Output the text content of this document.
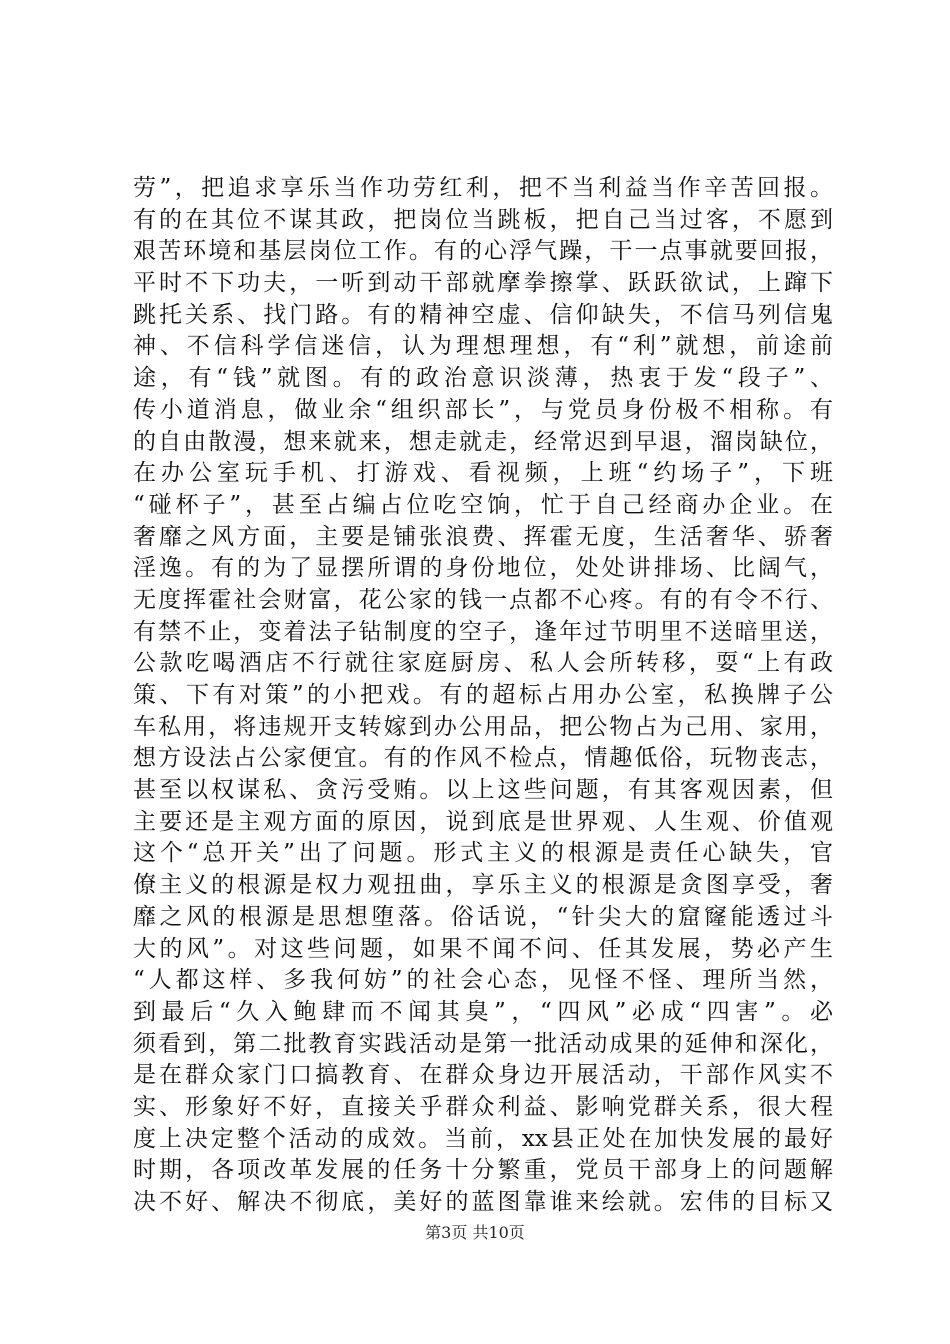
劳”，把追求享乐当作功劳红利，把不当利益当作辛苦回报。
有的在其位不谋其政，把岗位当跳板，把自己当过客，不愿到
艰苦环境和基层岗位工作。有的心浮气躁，干一点事就要回报，
平时不下功夫，一听到动干部就摩拳擦掌、跃跃欲试，上蹿下
跳托关系、找门路。有的精神空虚、信仰缺失，不信马列信鬼
神、不信科学信迷信，认为理想理想，有“利”就想，前途前
途，有“钱”就图。有的政治意识淡薄，热衷于发“段子”、
传小道消息，做业余“组织部长”，与党员身份极不相称。有
的自由散漫，想来就来，想走就走，经常迟到早退，溜岗缺位，
在办公室玩手机、打游戏、看视频，上班“约场子”，下班
“碰杯子”，甚至占编占位吃空饷，忙于自己经商办企业。在
奢靡之风方面，主要是铺张浪费、挥霍无度，生活奢华、骄奢
淫逸。有的为了显摆所谓的身份地位，处处讲排场、比阔气，
无度挥霍社会财富，花公家的钱一点都不心疼。有的有令不行、
有禁不止，变着法子钻制度的空子，逢年过节明里不送暗里送，
公款吃喝酒店不行就往家庭厨房、私人会所转移，耍“上有政
策、下有对策”的小把戏。有的超标占用办公室，私换牌子公
车私用，将违规开支转嫁到办公用品，把公物占为己用、家用，
想方设法占公家便宜。有的作风不检点，情趣低俗，玩物丧志，
甚至以权谋私、贪污受贿。以上这些问题，有其客观因素，但
主要还是主观方面的原因，说到底是世界观、人生观、价值观
这个“总开关”出了问题。形式主义的根源是责任心缺失，官
僚主义的根源是权力观扭曲，享乐主义的根源是贪图享受，奢
靡之风的根源是思想堕落。俗话说，“针尖大的窟窿能透过斗
大的风”。对这些问题，如果不闻不问、任其发展，势必产生
“人都这样、多我何妨”的社会心态，见怪不怪、理所当然，
到最后“久入鲍肆而不闻其臭”，“四风”必成“四害”。必
须看到，第二批教育实践活动是第一批活动成果的延伸和深化，
是在群众家门口搞教育、在群众身边开展活动，干部作风实不
实、形象好不好，直接关乎群众利益、影响党群关系，很大程
度上决定整个活动的成效。当前，xx县正处在加快发展的最好
时期，各项改革发展的任务十分繁重，党员干部身上的问题解
决不好、解决不彻底，美好的蓝图靠谁来绘就。宏伟的目标又
第3页 共10页
